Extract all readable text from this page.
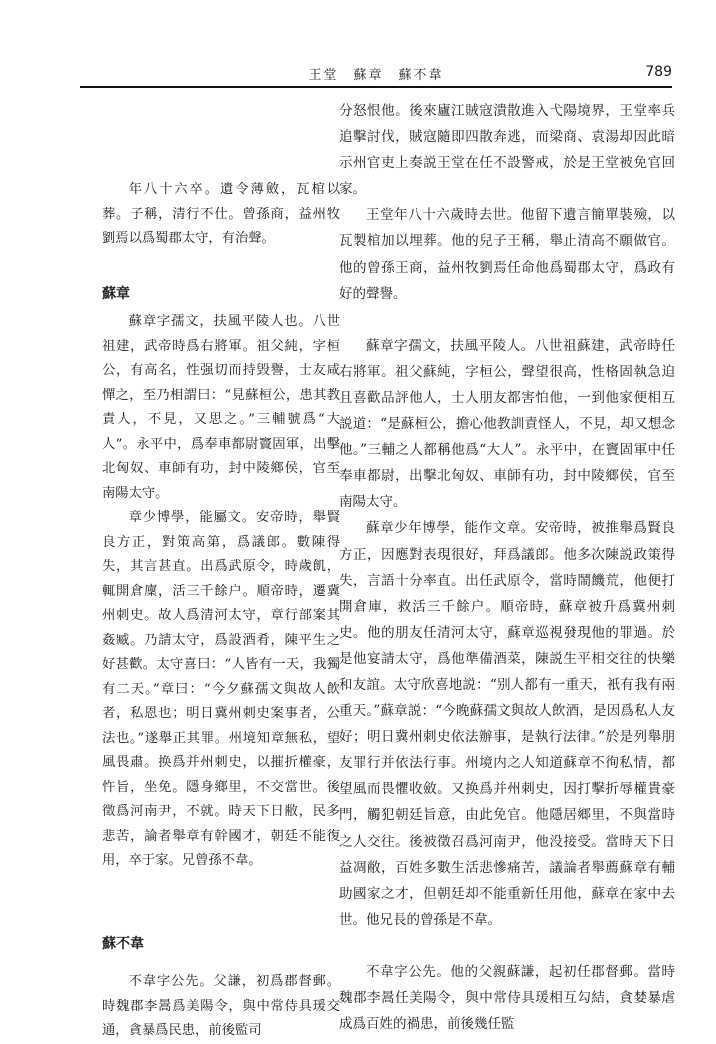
王堂　蘇章　蘇不韋	789

年八十六卒。遺令薄斂，瓦棺以葬。子稱，清行不仕。曾孫商，益州牧劉焉以爲蜀郡太守，有治聲。

蘇章

蘇章字孺文，扶風平陵人也。八世祖建，武帝時爲右將軍。祖父純，字桓公，有高名，性强切而持毁譽，士友咸憚之，至乃相謂曰：“見蘇桓公，患其教責人，不見，又思之。”三輔號爲“大人”。永平中，爲奉車都尉竇固軍，出擊北匈奴、車師有功，封中陵鄉侯，官至南陽太守。

章少博學，能屬文。安帝時，舉賢良方正，對策高第，爲議郎。數陳得失，其言甚直。出爲武原令，時歲飢，輒開倉廩，活三千餘户。順帝時，遷冀州刺史。故人爲清河太守，章行部案其姦臧。乃請太守，爲設酒肴，陳平生之好甚歡。太守喜曰：“人皆有一天，我獨有二天。”章曰：“今夕蘇孺文與故人飲者，私恩也；明日冀州刺史案事者，公法也。”遂舉正其罪。州境知章無私，望風畏肅。换爲并州刺史，以摧折權豪，忤旨，坐免。隱身鄉里，不交當世。後徵爲河南尹，不就。時天下日敝，民多悲苦，論者舉章有幹國才，朝廷不能復用，卒于家。兄曾孫不韋。

蘇不韋

不韋字公先。父謙，初爲郡督郵。時魏郡李暠爲美陽令，與中常侍具瑗交通，貪暴爲民患，前後監司

分怒恨他。後來廬江賊寇潰散進入弋陽境界，王堂率兵追擊討伐，賊寇隨即四散奔逃，而梁商、袁湯却因此暗示州官吏上奏説王堂在任不設警戒，於是王堂被免官回家。

王堂年八十六歲時去世。他留下遺言簡單裝殮，以瓦製棺加以埋葬。他的兒子王稱，舉止清高不願做官。他的曾孫王商，益州牧劉焉任命他爲蜀郡太守，爲政有好的聲譽。

蘇章字孺文，扶風平陵人。八世祖蘇建，武帝時任右將軍。祖父蘇純，字桓公，聲望很高，性格固執急迫且喜歡品評他人，士人朋友都害怕他，一到他家便相互説道：“是蘇桓公，擔心他教訓責怪人，不見，却又想念他。”三輔之人都稱他爲“大人”。永平中，在竇固軍中任奉車都尉，出擊北匈奴、車師有功，封中陵鄉侯，官至南陽太守。

蘇章少年博學，能作文章。安帝時，被推舉爲賢良方正，因應對表現很好，拜爲議郎。他多次陳説政策得失，言語十分率直。出任武原令，當時鬧饑荒，他便打開倉庫，救活三千餘户。順帝時，蘇章被升爲冀州刺史。他的朋友任清河太守，蘇章巡視發現他的罪過。於是他宴請太守，爲他準備酒菜，陳説生平相交往的快樂和友誼。太守欣喜地説：“别人都有一重天，衹有我有兩重天。”蘇章説：“今晚蘇孺文與故人飲酒，是因爲私人友好；明日冀州刺史依法辦事，是執行法律。”於是列舉朋友罪行并依法行事。州境内之人知道蘇章不徇私情，都望風而畏懼收斂。又换爲并州刺史，因打擊折辱權貴豪門，觸犯朝廷旨意，由此免官。他隱居鄉里，不與當時之人交往。後被徵召爲河南尹，他没接受。當時天下日益凋敝，百姓多數生活悲慘痛苦，議論者舉薦蘇章有輔助國家之才，但朝廷却不能重新任用他，蘇章在家中去世。他兄長的曾孫是不韋。

不韋字公先。他的父親蘇謙，起初任郡督郵。當時魏郡李暠任美陽令，與中常侍具瑗相互勾結，貪婪暴虐成爲百姓的禍患，前後幾任監
